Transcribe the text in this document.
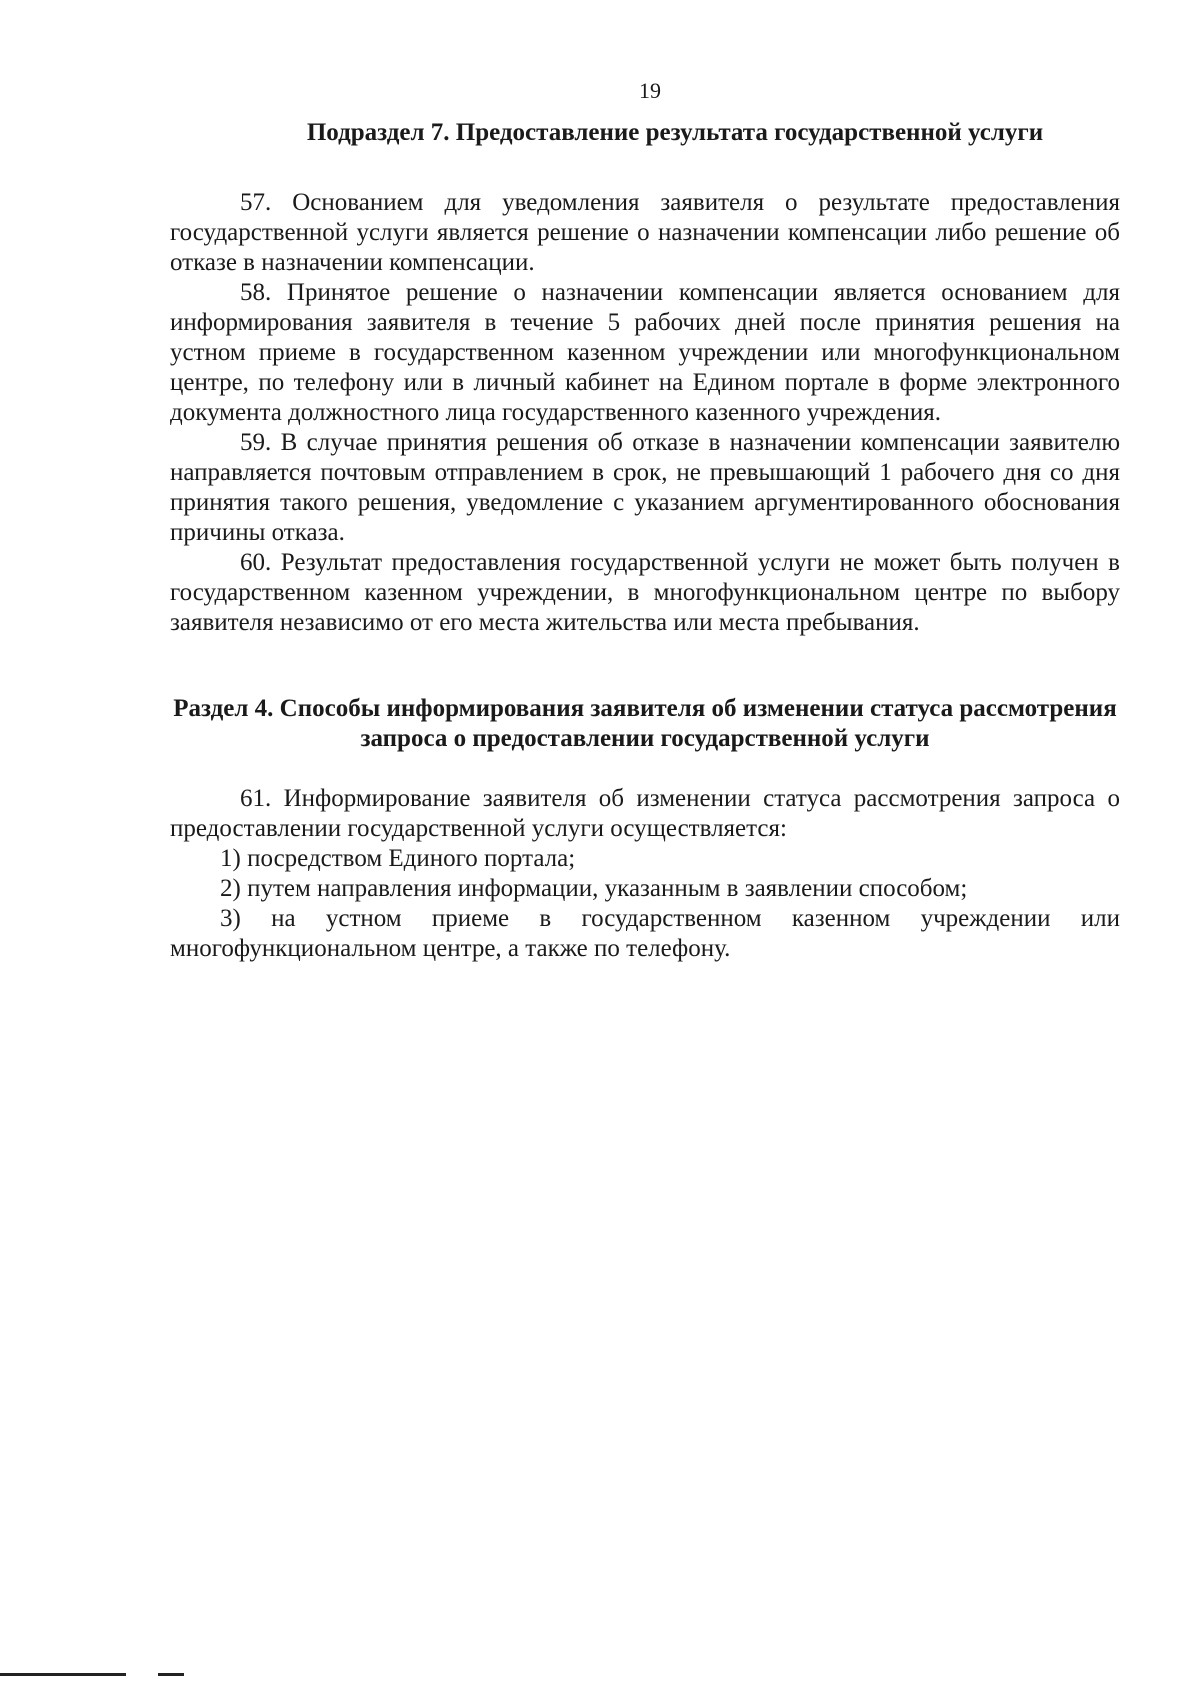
19
Подраздел 7. Предоставление результата государственной услуги

57. Основанием для уведомления заявителя о результате предоставления государственной услуги является решение о назначении компенсации либо решение об отказе в назначении компенсации.

58. Принятое решение о назначении компенсации является основанием для информирования заявителя в течение 5 рабочих дней после принятия решения на устном приеме в государственном казенном учреждении или многофункциональном центре, по телефону или в личный кабинет на Едином портале в форме электронного документа должностного лица государственного казенного учреждения.

59. В случае принятия решения об отказе в назначении компенсации заявителю направляется почтовым отправлением в срок, не превышающий 1 рабочего дня со дня принятия такого решения, уведомление с указанием аргументированного обоснования причины отказа.

60. Результат предоставления государственной услуги не может быть получен в государственном казенном учреждении, в многофункциональном центре по выбору заявителя независимо от его места жительства или места пребывания.

Раздел 4. Способы информирования заявителя об изменении статуса рассмотрения запроса о предоставлении государственной услуги

61. Информирование заявителя об изменении статуса рассмотрения запроса о предоставлении государственной услуги осуществляется:

1) посредством Единого портала;

2) путем направления информации, указанным в заявлении способом;

3) на устном приеме в государственном казенном учреждении или многофункциональном центре, а также по телефону.
